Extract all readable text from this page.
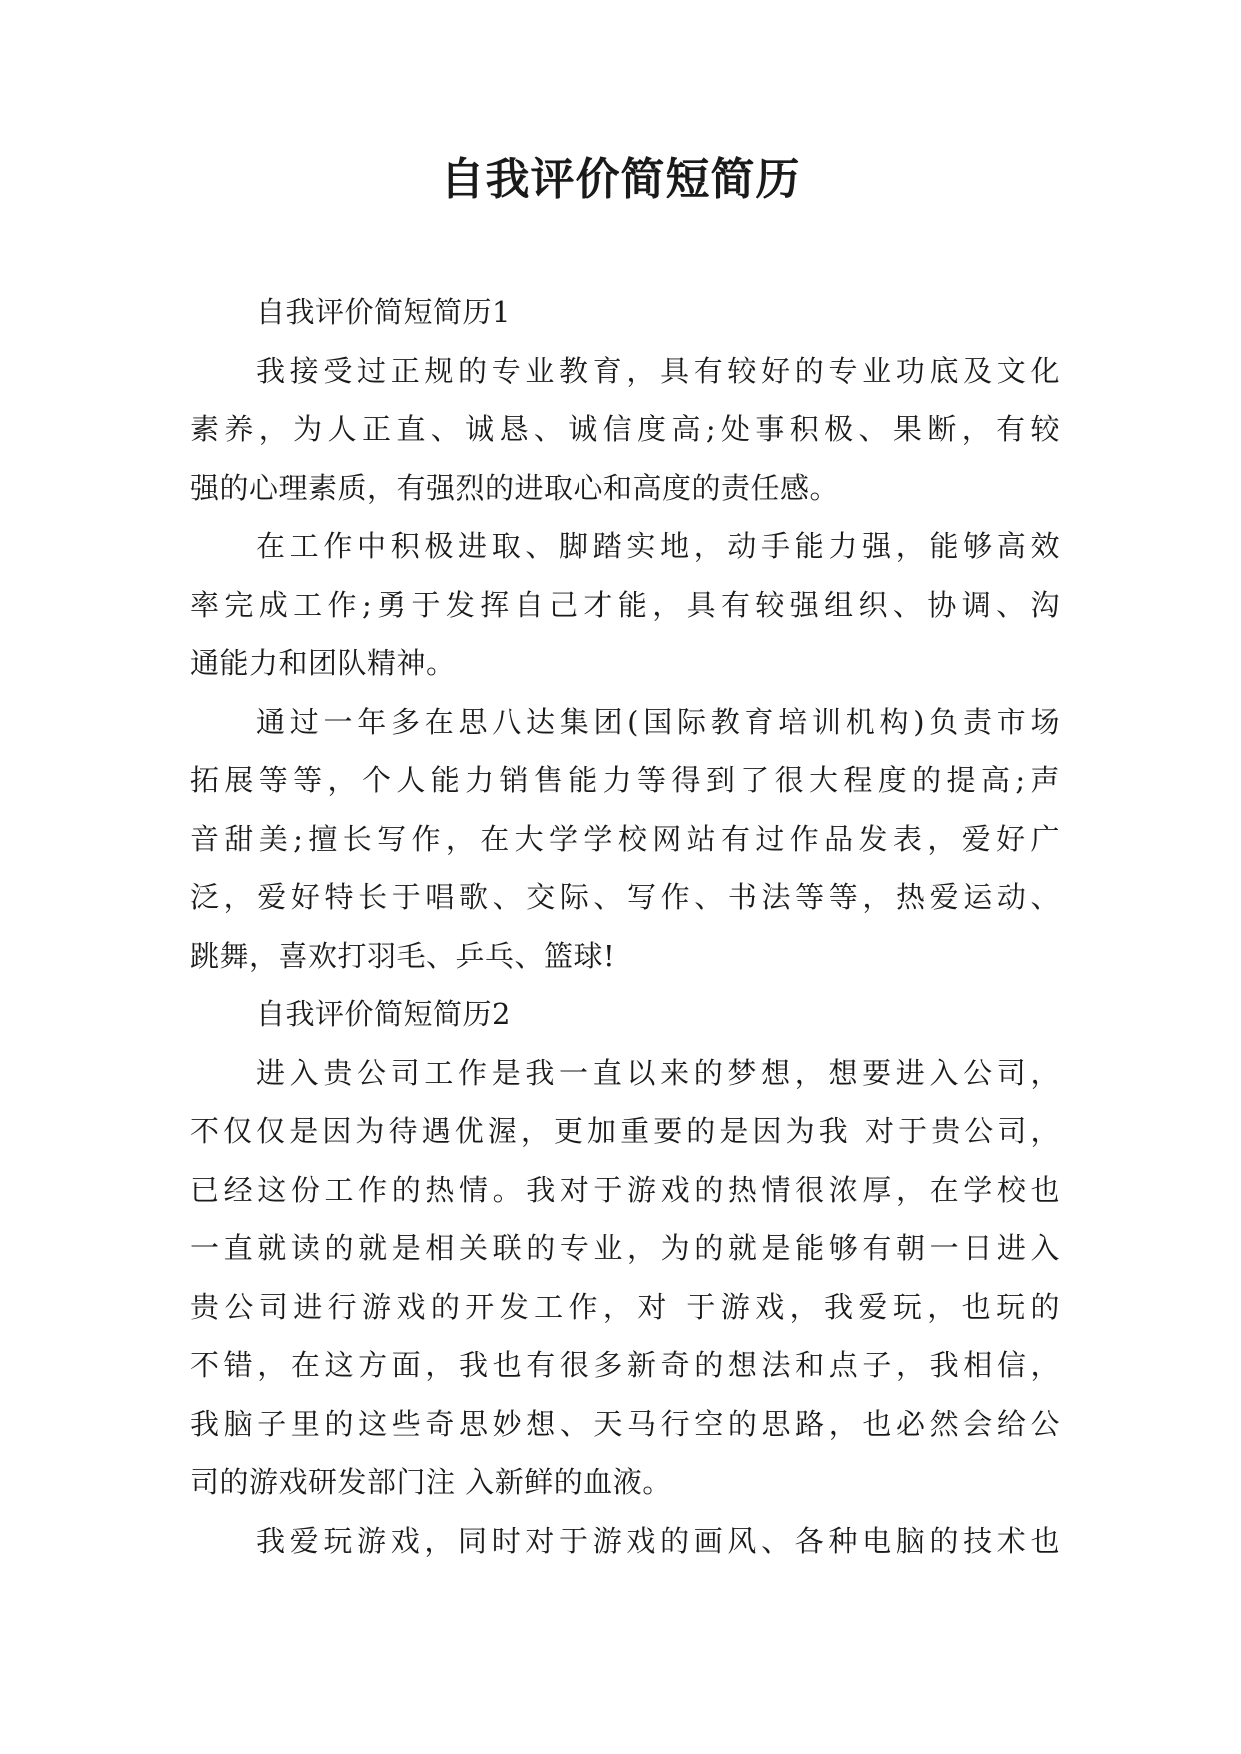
自我评价简短简历
自我评价简短简历1
我接受过正规的专业教育，具有较好的专业功底及文化
素养，为人正直、诚恳、诚信度高;处事积极、果断，有较
强的心理素质，有强烈的进取心和高度的责任感。
在工作中积极进取、脚踏实地，动手能力强，能够高效
率完成工作;勇于发挥自己才能，具有较强组织、协调、沟
通能力和团队精神。
通过一年多在思八达集团(国际教育培训机构)负责市场
拓展等等，个人能力销售能力等得到了很大程度的提高;声
音甜美;擅长写作，在大学学校网站有过作品发表，爱好广
泛，爱好特长于唱歌、交际、写作、书法等等，热爱运动、
跳舞，喜欢打羽毛、乒乓、篮球!
自我评价简短简历2
进入贵公司工作是我一直以来的梦想，想要进入公司，
不仅仅是因为待遇优渥，更加重要的是因为我 对于贵公司，
已经这份工作的热情。我对于游戏的热情很浓厚，在学校也
一直就读的就是相关联的专业，为的就是能够有朝一日进入
贵公司进行游戏的开发工作，对 于游戏，我爱玩，也玩的
不错，在这方面，我也有很多新奇的想法和点子，我相信，
我脑子里的这些奇思妙想、天马行空的思路，也必然会给公
司的游戏研发部门注 入新鲜的血液。
我爱玩游戏，同时对于游戏的画风、各种电脑的技术也
